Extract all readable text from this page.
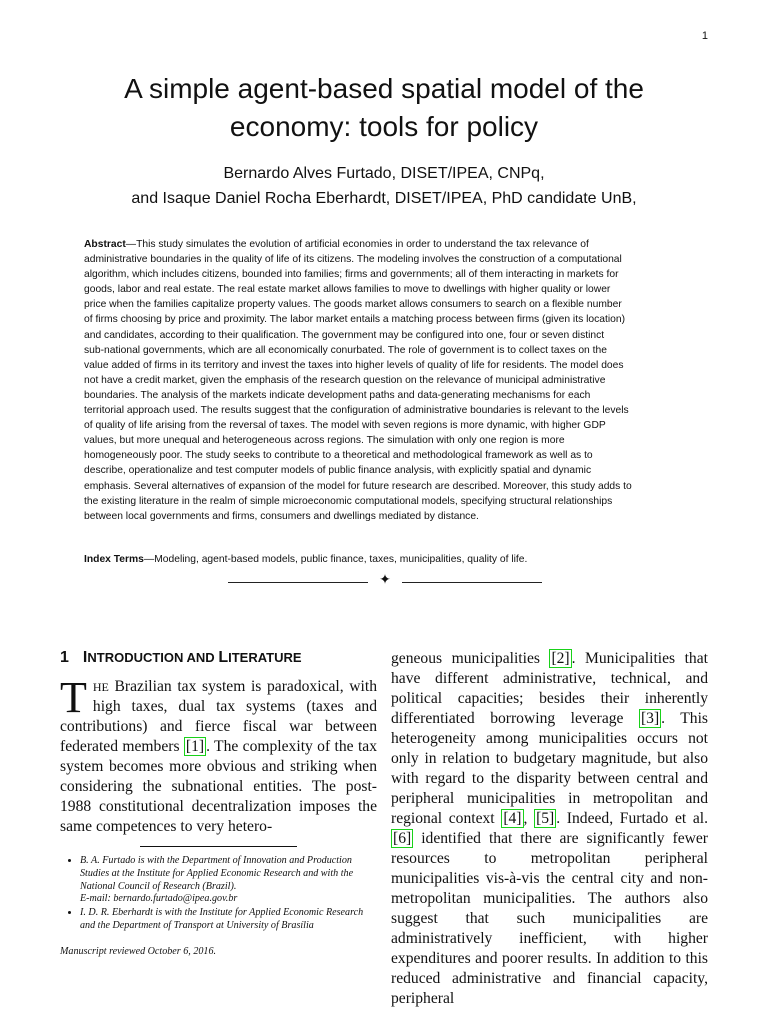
1
A simple agent-based spatial model of the
economy: tools for policy
Bernardo Alves Furtado, DISET/IPEA, CNPq,
and Isaque Daniel Rocha Eberhardt, DISET/IPEA, PhD candidate UnB,
Abstract—This study simulates the evolution of artificial economies in order to understand the tax relevance of
administrative boundaries in the quality of life of its citizens. The modeling involves the construction of a computational
algorithm, which includes citizens, bounded into families; firms and governments; all of them interacting in markets for
goods, labor and real estate. The real estate market allows families to move to dwellings with higher quality or lower
price when the families capitalize property values. The goods market allows consumers to search on a flexible number
of firms choosing by price and proximity. The labor market entails a matching process between firms (given its location)
and candidates, according to their qualification. The government may be configured into one, four or seven distinct
sub-national governments, which are all economically conurbated. The role of government is to collect taxes on the
value added of firms in its territory and invest the taxes into higher levels of quality of life for residents. The model does
not have a credit market, given the emphasis of the research question on the relevance of municipal administrative
boundaries. The analysis of the markets indicate development paths and data-generating mechanisms for each
territorial approach used. The results suggest that the configuration of administrative boundaries is relevant to the levels
of quality of life arising from the reversal of taxes. The model with seven regions is more dynamic, with higher GDP
values, but more unequal and heterogeneous across regions. The simulation with only one region is more
homogeneously poor. The study seeks to contribute to a theoretical and methodological framework as well as to
describe, operationalize and test computer models of public finance analysis, with explicitly spatial and dynamic
emphasis. Several alternatives of expansion of the model for future research are described. Moreover, this study adds to
the existing literature in the realm of simple microeconomic computational models, specifying structural relationships
between local governments and firms, consumers and dwellings mediated by distance.
Index Terms—Modeling, agent-based models, public finance, taxes, municipalities, quality of life.
✦
1 INTRODUCTION AND LITERATURE

THE Brazilian tax system is paradoxical, with high taxes, dual tax systems (taxes and contributions) and fierce fiscal war between federated members [1] . The complexity of the tax system becomes more obvious and striking when considering the subnational entities. The post-1988 constitutional decentralization imposes the same competences to very hetero-

• B. A. Furtado is with the Department of Innovation and Production Studies at the Institute for Applied Economic Research and with the National Council of Research (Brazil).

E-mail: bernardo.furtado@ipea.gov.br

• I. D. R. Eberhardt is with the Institute for Applied Economic Research and the Department of Transport at University of Brasília

Manuscript reviewed October 6, 2016.

geneous municipalities [2] . Municipalities that have different administrative, technical, and political capacities; besides their inherently differentiated borrowing leverage [3] . This heterogeneity among municipalities occurs not only in relation to budgetary magnitude, but also with regard to the disparity between central and peripheral municipalities in metropolitan and regional context [4] , [5] . Indeed, Furtado et al. [6] identified that there are significantly fewer resources to metropolitan peripheral municipalities vis-à-vis the central city and non-metropolitan municipalities. The authors also suggest that such municipalities are administratively inefficient, with higher expenditures and poorer results. In addition to this reduced administrative and financial capacity, peripheral
